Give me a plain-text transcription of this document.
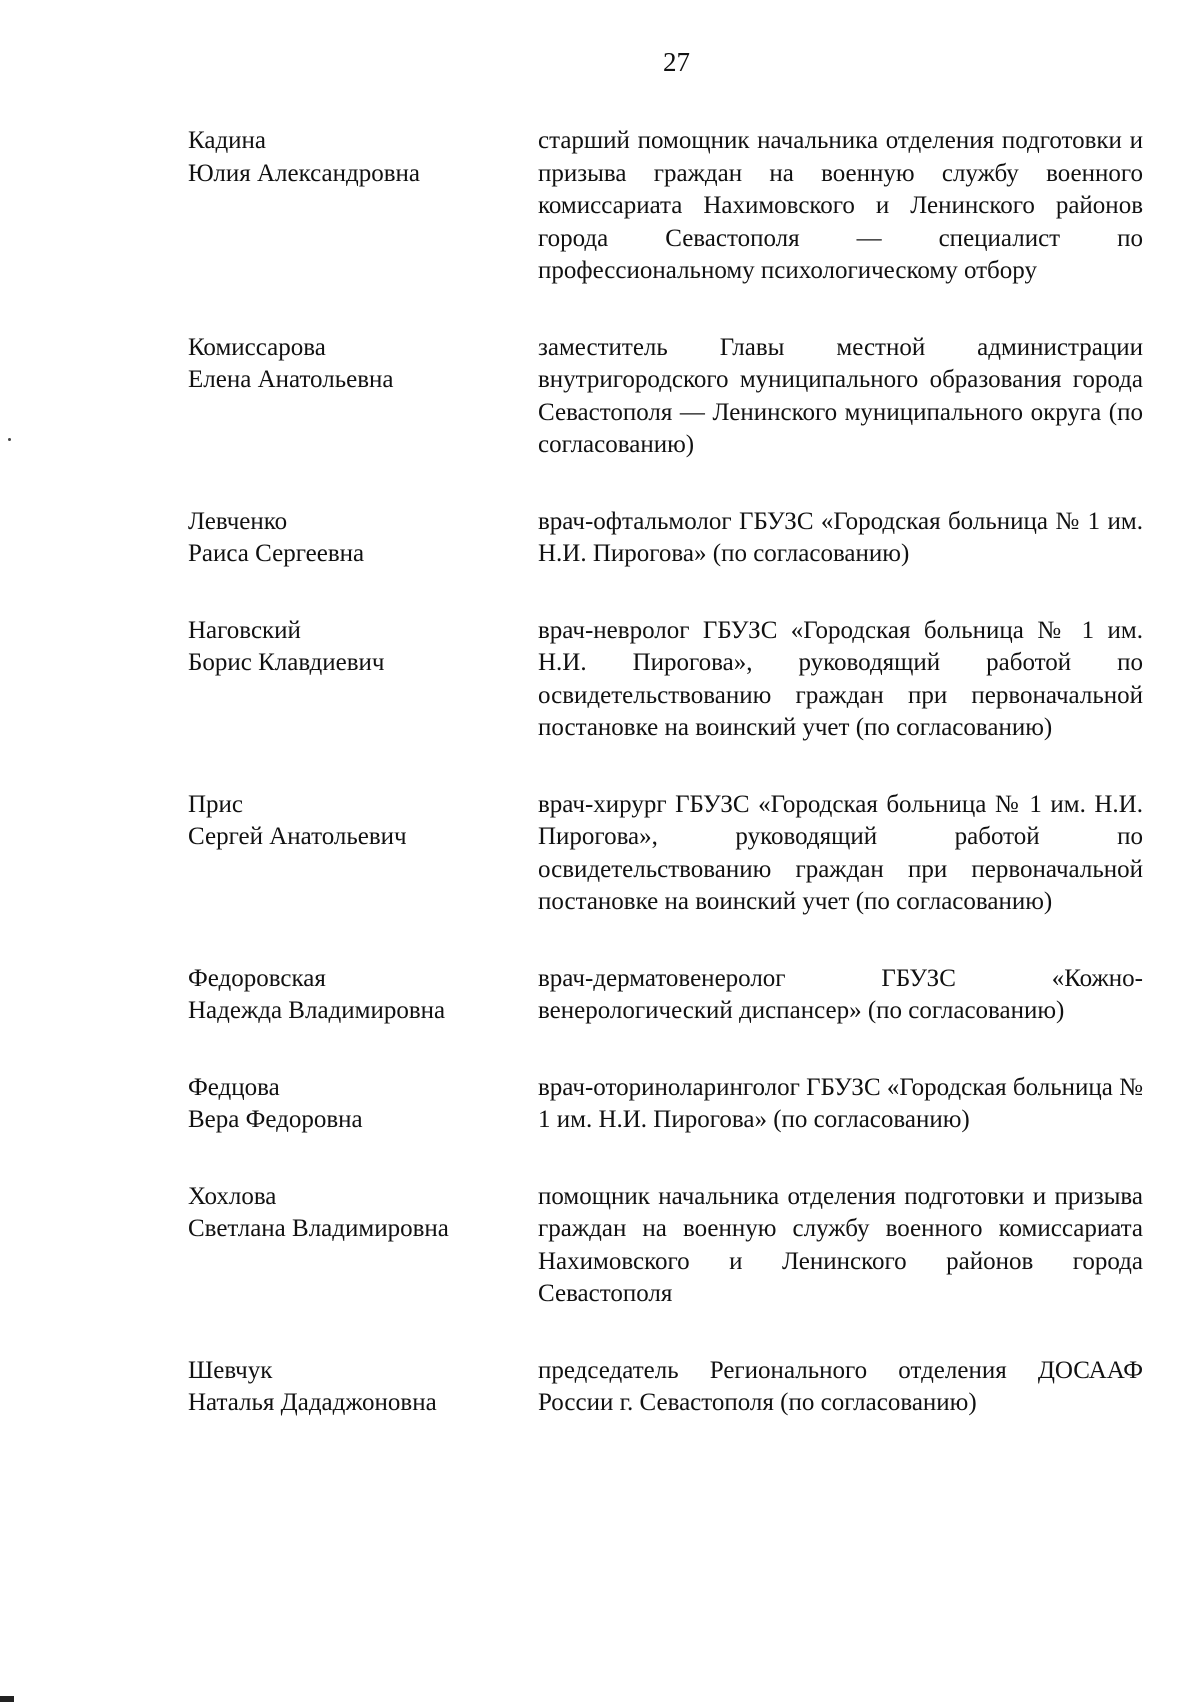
27
Кадина
Юлия Александровна
старший помощник начальника отделения подготовки и призыва граждан на военную службу военного комиссариата Нахимовского и Ленинского районов города Севастополя — специалист по профессиональному психологическому отбору
Комиссарова
Елена Анатольевна
заместитель Главы местной администрации внутригородского муниципального образования города Севастополя — Ленинского муниципального округа (по согласованию)
Левченко
Раиса Сергеевна
врач-офтальмолог ГБУЗС «Городская больница № 1 им. Н.И. Пирогова» (по согласованию)
Наговский
Борис Клавдиевич
врач-невролог ГБУЗС «Городская больница № 1 им. Н.И. Пирогова», руководящий работой по освидетельствованию граждан при первоначальной постановке на воинский учет (по согласованию)
Прис
Сергей Анатольевич
врач-хирург ГБУЗС «Городская больница № 1 им. Н.И. Пирогова», руководящий работой по освидетельствованию граждан при первоначальной постановке на воинский учет (по согласованию)
Федоровская
Надежда Владимировна
врач-дерматовенеролог ГБУЗС «Кожно-венерологический диспансер» (по согласованию)
Федцова
Вера Федоровна
врач-оториноларинголог ГБУЗС «Городская больница № 1 им. Н.И. Пирогова» (по согласованию)
Хохлова
Светлана Владимировна
помощник начальника отделения подготовки и призыва граждан на военную службу военного комиссариата Нахимовского и Ленинского районов города Севастополя
Шевчук
Наталья Дададжоновна
председатель Регионального отделения ДОСААФ России г. Севастополя (по согласованию)
